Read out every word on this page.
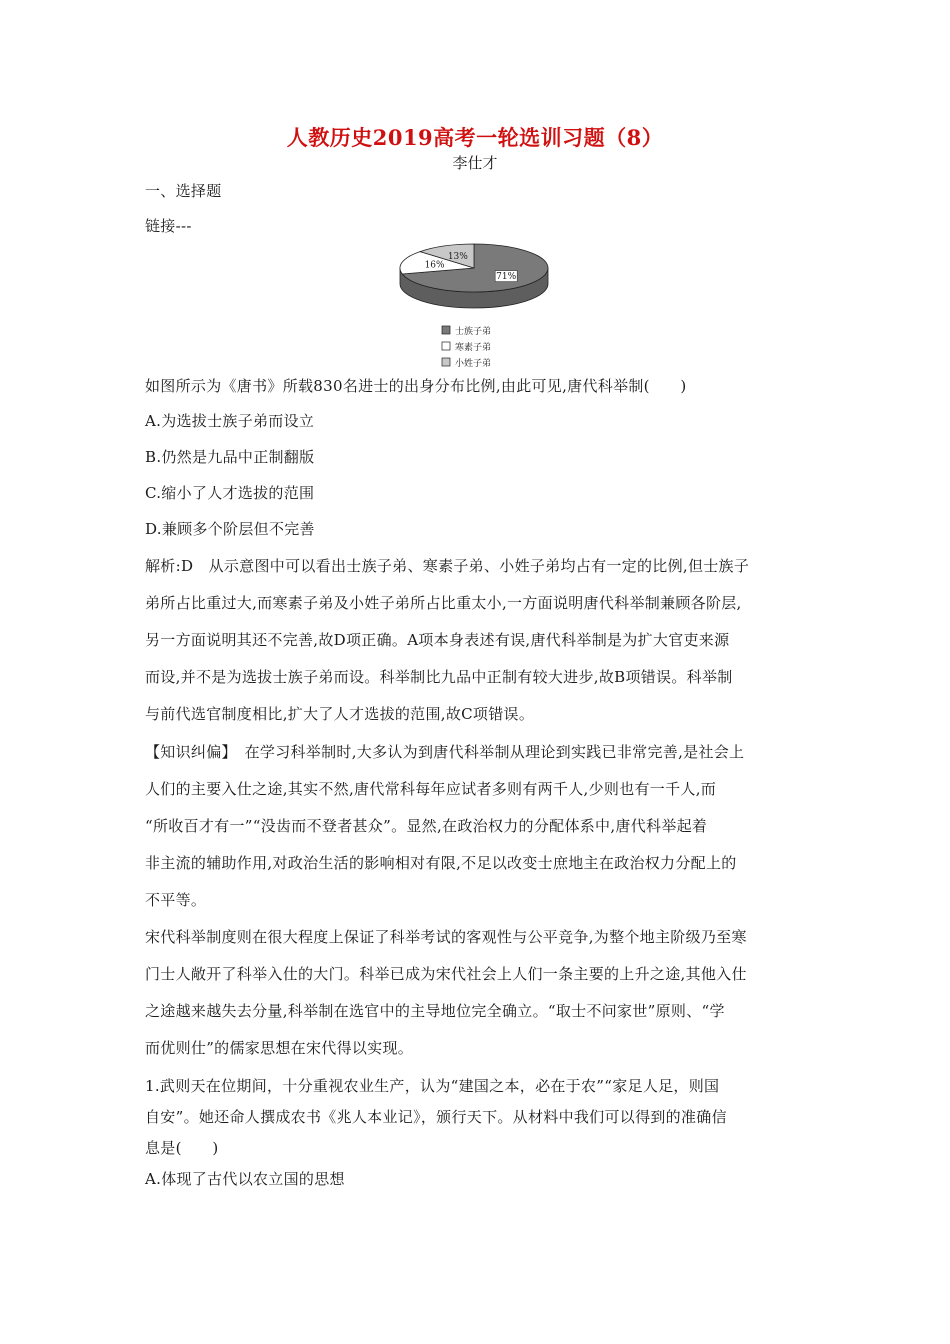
人教历史2019高考一轮选训习题（8）
李仕才
一、选择题
链接---
71%
16%
13%
士族子弟
寒素子弟
小姓子弟
如图所示为《唐书》所载830名进士的出身分布比例,由此可见,唐代科举制(　　)
A.为选拔士族子弟而设立
B.仍然是九品中正制翻版
C.缩小了人才选拔的范围
D.兼顾多个阶层但不完善
解析:D　从示意图中可以看出士族子弟、寒素子弟、小姓子弟均占有一定的比例,但士族子
弟所占比重过大,而寒素子弟及小姓子弟所占比重太小,一方面说明唐代科举制兼顾各阶层,
另一方面说明其还不完善,故D项正确。A项本身表述有误,唐代科举制是为扩大官吏来源
而设,并不是为选拔士族子弟而设。科举制比九品中正制有较大进步,故B项错误。科举制
与前代选官制度相比,扩大了人才选拔的范围,故C项错误。
【知识纠偏】　在学习科举制时,大多认为到唐代科举制从理论到实践已非常完善,是社会上
人们的主要入仕之途,其实不然,唐代常科每年应试者多则有两千人,少则也有一千人,而
“所收百才有一”“没齿而不登者甚众”。显然,在政治权力的分配体系中,唐代科举起着
非主流的辅助作用,对政治生活的影响相对有限,不足以改变士庶地主在政治权力分配上的
不平等。
宋代科举制度则在很大程度上保证了科举考试的客观性与公平竞争,为整个地主阶级乃至寒
门士人敞开了科举入仕的大门。科举已成为宋代社会上人们一条主要的上升之途,其他入仕
之途越来越失去分量,科举制在选官中的主导地位完全确立。“取士不问家世”原则、“学
而优则仕”的儒家思想在宋代得以实现。
1.武则天在位期间，十分重视农业生产，认为“建国之本，必在于农”“家足人足，则国
自安”。她还命人撰成农书《兆人本业记》，颁行天下。从材料中我们可以得到的准确信
息是(　　)
A.体现了古代以农立国的思想
